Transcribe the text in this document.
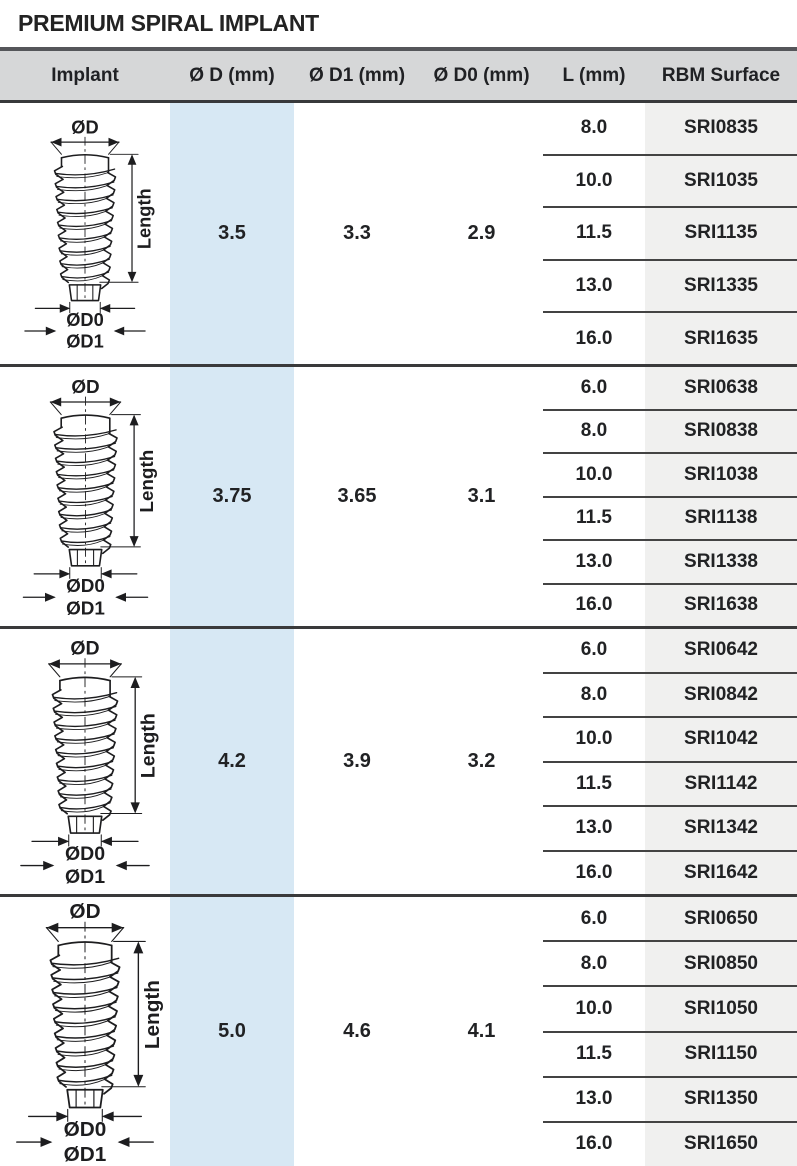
PREMIUM SPIRAL IMPLANT
Implant	Ø D (mm)	Ø D1 (mm)	Ø D0 (mm)	L (mm)	RBM Surface
ØD
Length
ØD0
ØD1
3.5	3.3	2.9
8.0	SRI0835
10.0	SRI1035
11.5	SRI1135
13.0	SRI1335
16.0	SRI1635
ØD
Length
ØD0
ØD1
3.75	3.65	3.1
6.0	SRI0638
8.0	SRI0838
10.0	SRI1038
11.5	SRI1138
13.0	SRI1338
16.0	SRI1638
ØD
Length
ØD0
ØD1
4.2	3.9	3.2
6.0	SRI0642
8.0	SRI0842
10.0	SRI1042
11.5	SRI1142
13.0	SRI1342
16.0	SRI1642
ØD
Length
ØD0
ØD1
5.0	4.6	4.1
6.0	SRI0650
8.0	SRI0850
10.0	SRI1050
11.5	SRI1150
13.0	SRI1350
16.0	SRI1650
